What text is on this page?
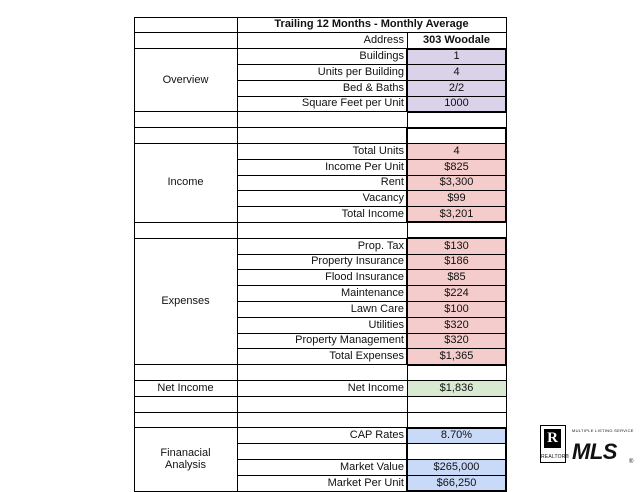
Trailing 12 Months - Monthly Average
Address	303 Woodale
Overview
Buildings	1
Units per Building	4
Bed & Baths	2/2
Square Feet per Unit	1000
Income
Total Units	4
Income Per Unit	$825
Rent	$3,300
Vacancy	$99
Total Income	$3,201
Expenses
Prop. Tax	$130
Property Insurance	$186
Flood Insurance	$85
Maintenance	$224
Lawn Care	$100
Utilities	$320
Property Management	$320
Total Expenses	$1,365
Net Income	Net Income	$1,836
Finanacial
Analysis
CAP Rates	8.70%
Market Value	$265,000
Market Per Unit	$66,250
R
REALTOR®
MULTIPLE LISTING SERVICE
MLS ®
